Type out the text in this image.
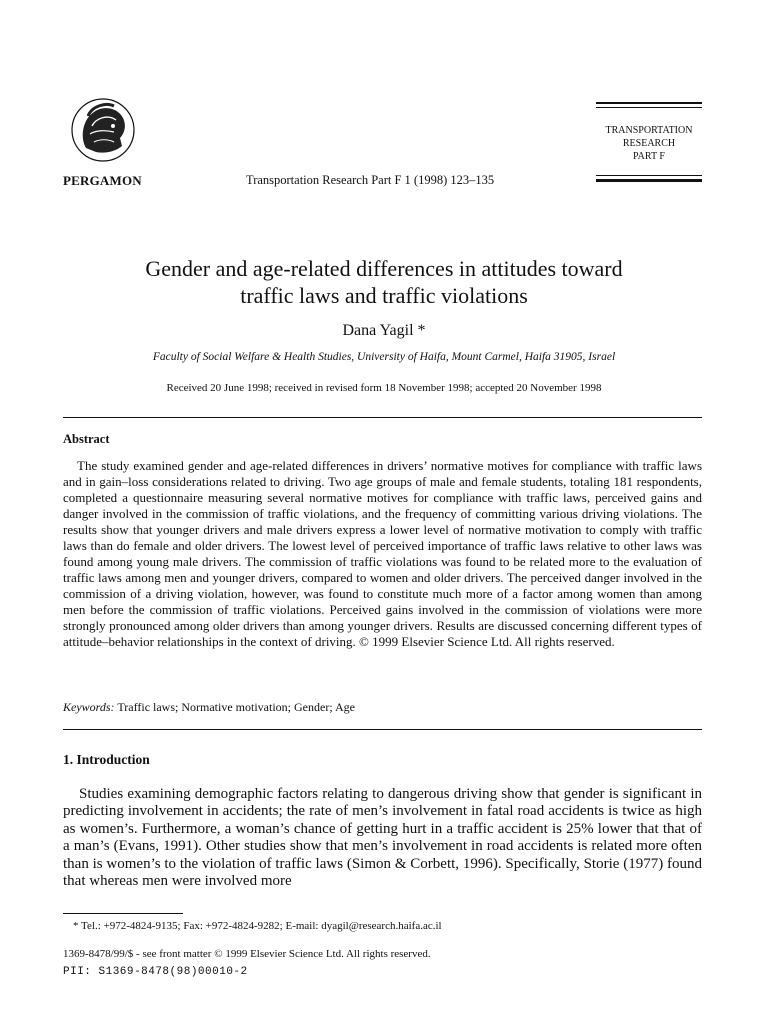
PERGAMON	Transportation Research Part F 1 (1998) 123–135
TRANSPORTATION
RESEARCH
PART F
Gender and age-related differences in attitudes toward
traffic laws and traffic violations
Dana Yagil *
Faculty of Social Welfare & Health Studies, University of Haifa, Mount Carmel, Haifa 31905, Israel
Received 20 June 1998; received in revised form 18 November 1998; accepted 20 November 1998
Abstract

The study examined gender and age-related differences in drivers’ normative motives for compliance with traffic laws and in gain–loss considerations related to driving. Two age groups of male and female students, totaling 181 respondents, completed a questionnaire measuring several normative motives for compliance with traffic laws, perceived gains and danger involved in the commission of traffic violations, and the frequency of committing various driving violations. The results show that younger drivers and male drivers express a lower level of normative motivation to comply with traffic laws than do female and older drivers. The lowest level of perceived importance of traffic laws relative to other laws was found among young male drivers. The commission of traffic violations was found to be related more to the evaluation of traffic laws among men and younger drivers, compared to women and older drivers. The perceived danger involved in the commission of a driving violation, however, was found to constitute much more of a factor among women than among men before the commission of traffic violations. Perceived gains involved in the commission of violations were more strongly pronounced among older drivers than among younger drivers. Results are discussed concerning different types of attitude–behavior relationships in the context of driving. © 1999 Elsevier Science Ltd. All rights reserved.

Keywords: Traffic laws; Normative motivation; Gender; Age
1. Introduction

Studies examining demographic factors relating to dangerous driving show that gender is significant in predicting involvement in accidents; the rate of men’s involvement in fatal road accidents is twice as high as women’s. Furthermore, a woman’s chance of getting hurt in a traffic accident is 25% lower that that of a man’s (Evans, 1991). Other studies show that men’s involvement in road accidents is related more often than is women’s to the violation of traffic laws (Simon & Corbett, 1996). Specifically, Storie (1977) found that whereas men were involved more

* Tel.: +972-4824-9135; Fax: +972-4824-9282; E-mail: dyagil@research.haifa.ac.il
1369-8478/99/$ - see front matter © 1999 Elsevier Science Ltd. All rights reserved.
PII: S1369-8478(98)00010-2
